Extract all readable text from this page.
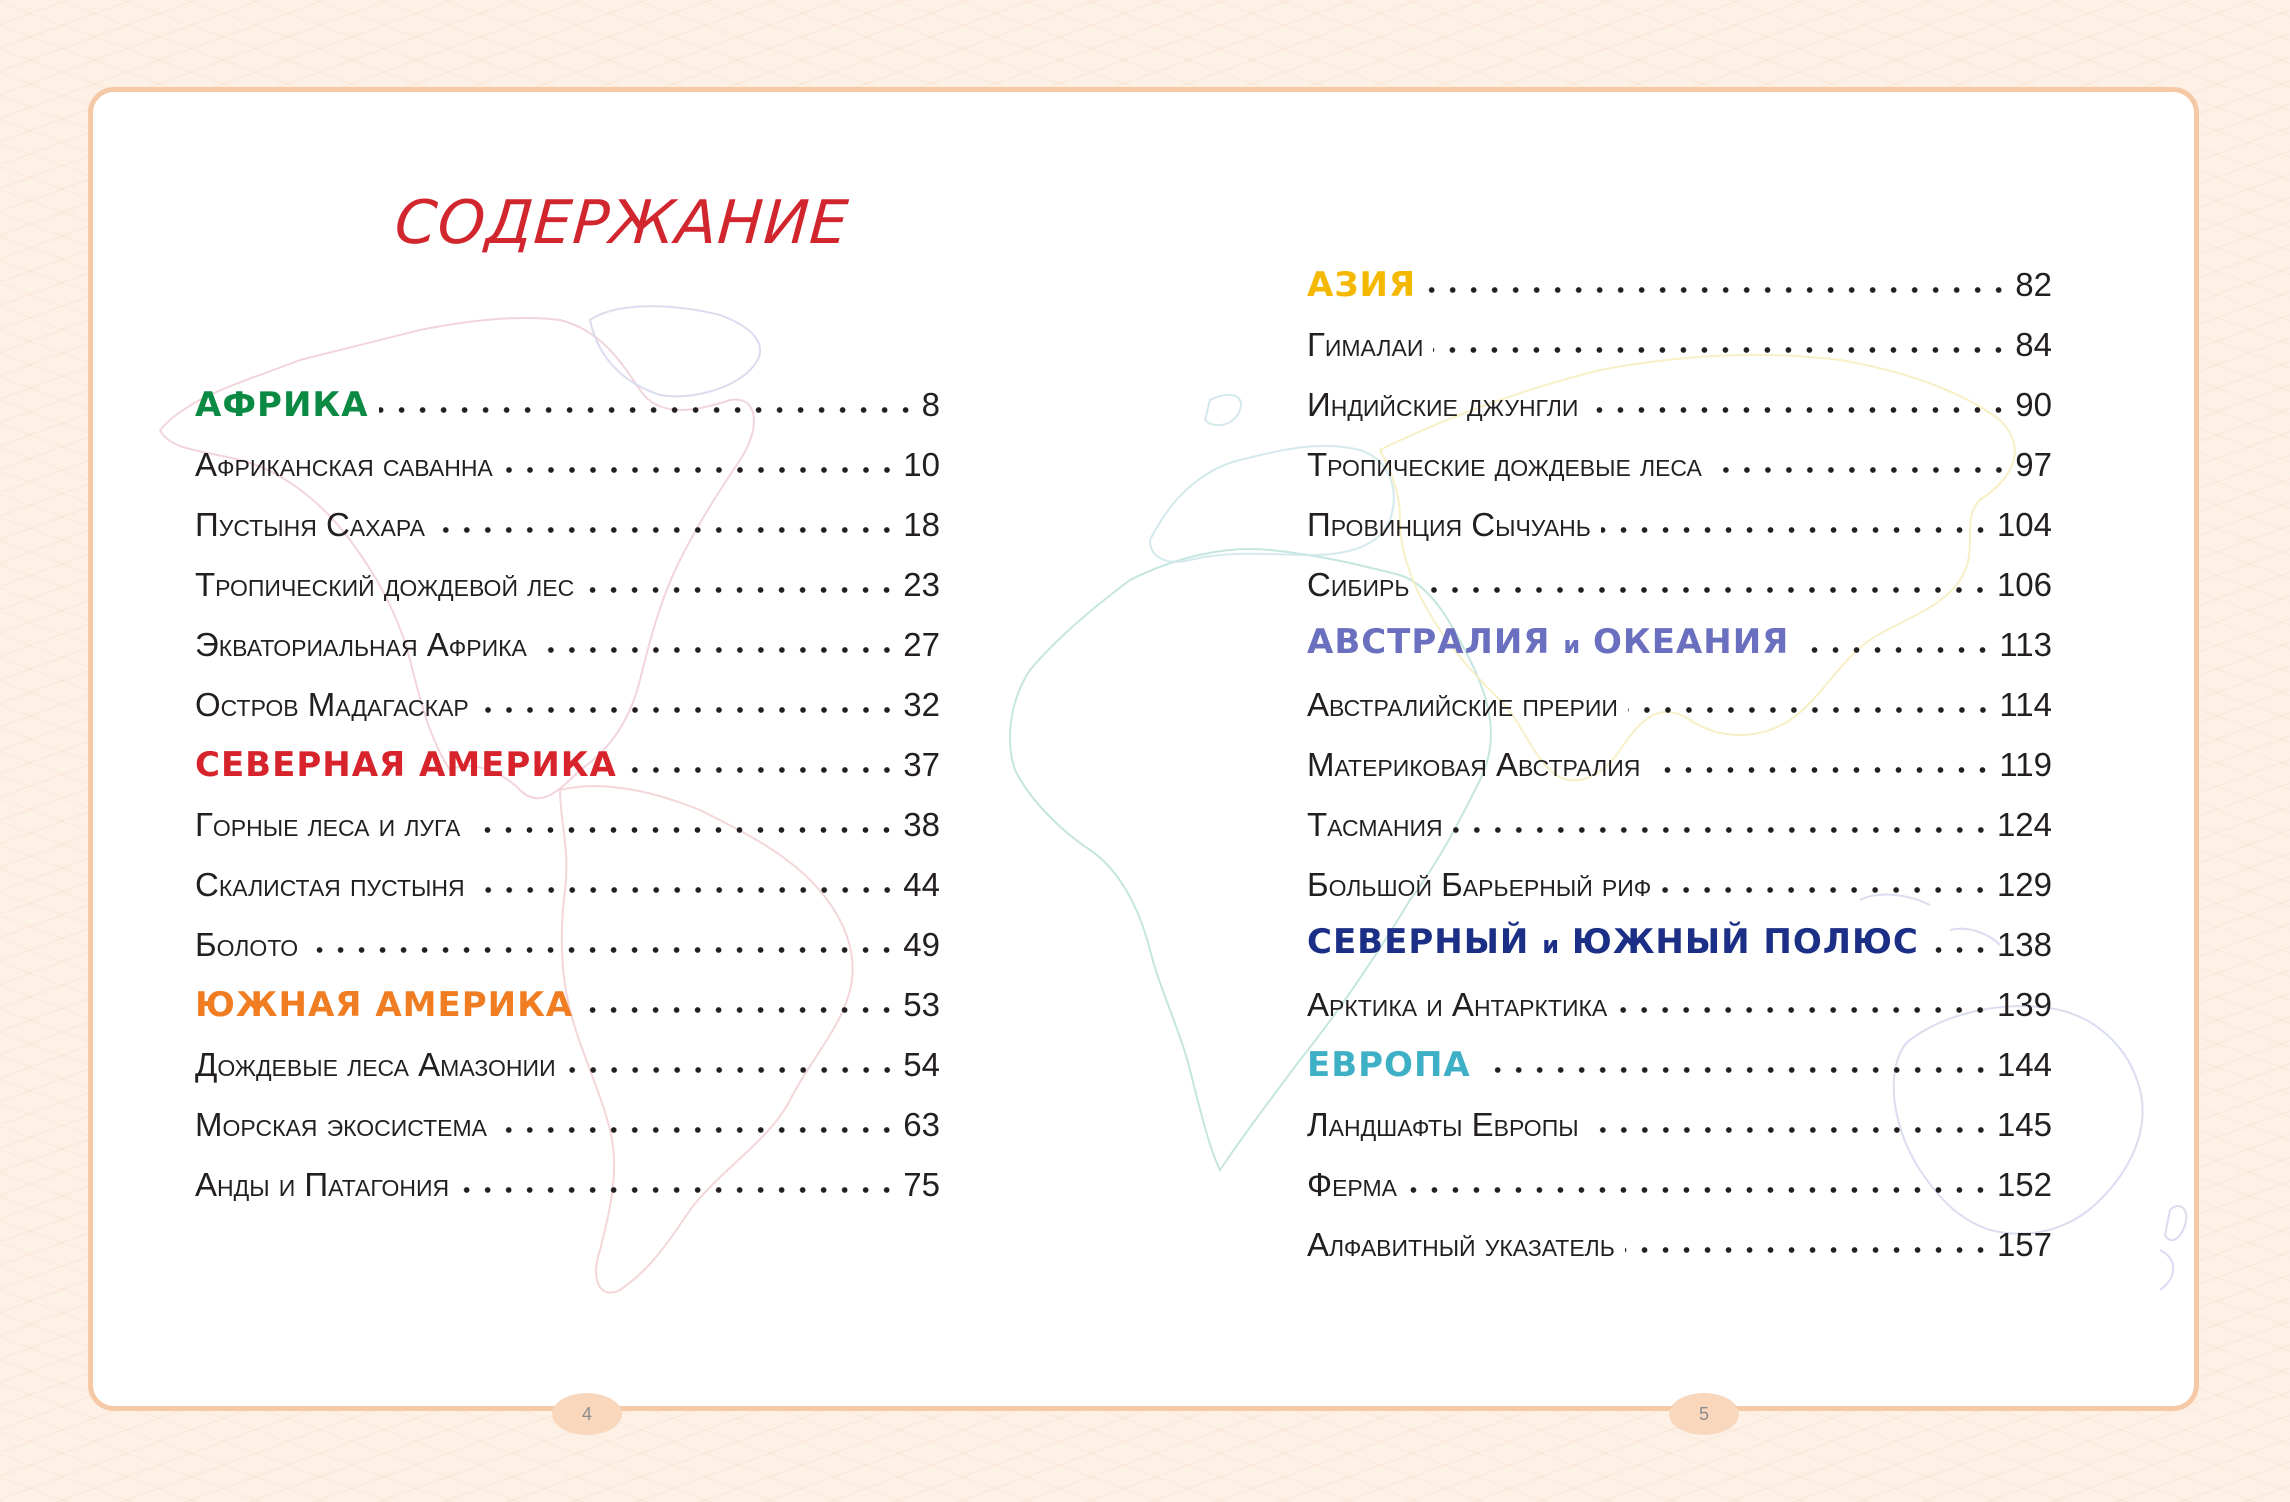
СОДЕРЖАНИЕ
АФРИКА	8
Африканская саванна	10
Пустыня Сахара	18
Тропический дождевой лес	23
Экваториальная Африка	27
Остров Мадагаскар	32
СЕВЕРНАЯ АМЕРИКА	37
Горные леса и луга	38
Скалистая пустыня	44
Болото	49
ЮЖНАЯ АМЕРИКА	53
Дождевые леса Амазонии	54
Морская экосистема	63
Анды и Патагония	75
АЗИЯ	82
Гималаи	84
Индийские джунгли	90
Тропические дождевые леса	97
Провинция Сычуань	104
Сибирь	106
АВСТРАЛИЯ и ОКЕАНИЯ	113
Австралийские прерии	114
Материковая Австралия	119
Тасмания	124
Большой Барьерный риф	129
СЕВЕРНЫЙ и ЮЖНЫЙ ПОЛЮС 138
Арктика и Антарктика	139
ЕВРОПА	144
Ландшафты Европы	145
Ферма	152
Алфавитный указатель	157
4	5
